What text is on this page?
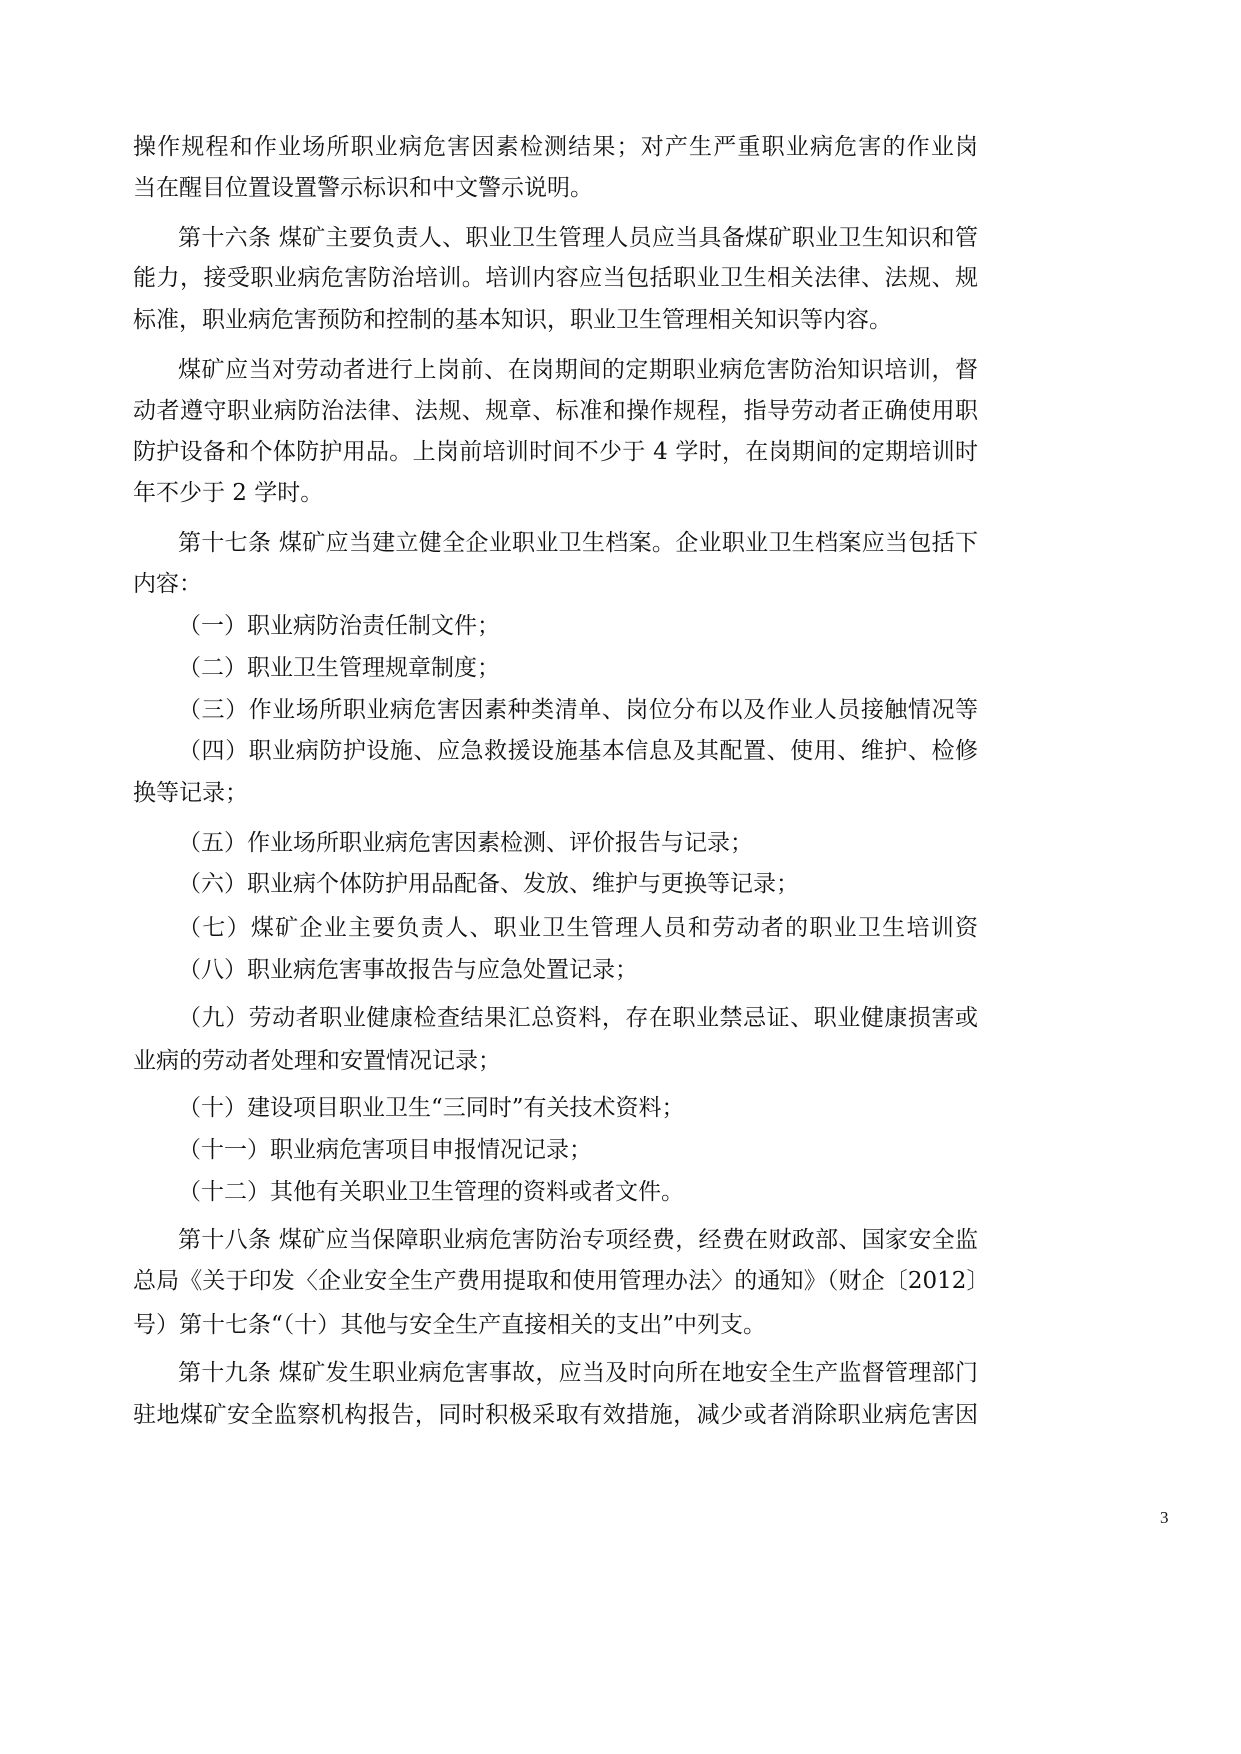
操作规程和作业场所职业病危害因素检测结果；对产生严重职业病危害的作业岗
当在醒目位置设置警示标识和中文警示说明。
第十六条 煤矿主要负责人、职业卫生管理人员应当具备煤矿职业卫生知识和管
能力，接受职业病危害防治培训。培训内容应当包括职业卫生相关法律、法规、规
标准，职业病危害预防和控制的基本知识，职业卫生管理相关知识等内容。
煤矿应当对劳动者进行上岗前、在岗期间的定期职业病危害防治知识培训，督
动者遵守职业病防治法律、法规、规章、标准和操作规程，指导劳动者正确使用职
防护设备和个体防护用品。上岗前培训时间不少于 4 学时，在岗期间的定期培训时
年不少于 2 学时。
第十七条 煤矿应当建立健全企业职业卫生档案。企业职业卫生档案应当包括下
内容：
（一）职业病防治责任制文件；
（二）职业卫生管理规章制度；
（三）作业场所职业病危害因素种类清单、岗位分布以及作业人员接触情况等
（四）职业病防护设施、应急救援设施基本信息及其配置、使用、维护、检修
换等记录；
（五）作业场所职业病危害因素检测、评价报告与记录；
（六）职业病个体防护用品配备、发放、维护与更换等记录；
（七）煤矿企业主要负责人、职业卫生管理人员和劳动者的职业卫生培训资
（八）职业病危害事故报告与应急处置记录；
（九）劳动者职业健康检查结果汇总资料，存在职业禁忌证、职业健康损害或
业病的劳动者处理和安置情况记录；
（十）建设项目职业卫生“三同时”有关技术资料；
（十一）职业病危害项目申报情况记录；
（十二）其他有关职业卫生管理的资料或者文件。
第十八条 煤矿应当保障职业病危害防治专项经费，经费在财政部、国家安全监
总局《关于印发〈企业安全生产费用提取和使用管理办法〉的通知》（财企〔2012〕
号）第十七条“（十）其他与安全生产直接相关的支出”中列支。
第十九条 煤矿发生职业病危害事故，应当及时向所在地安全生产监督管理部门
驻地煤矿安全监察机构报告，同时积极采取有效措施，减少或者消除职业病危害因
3
